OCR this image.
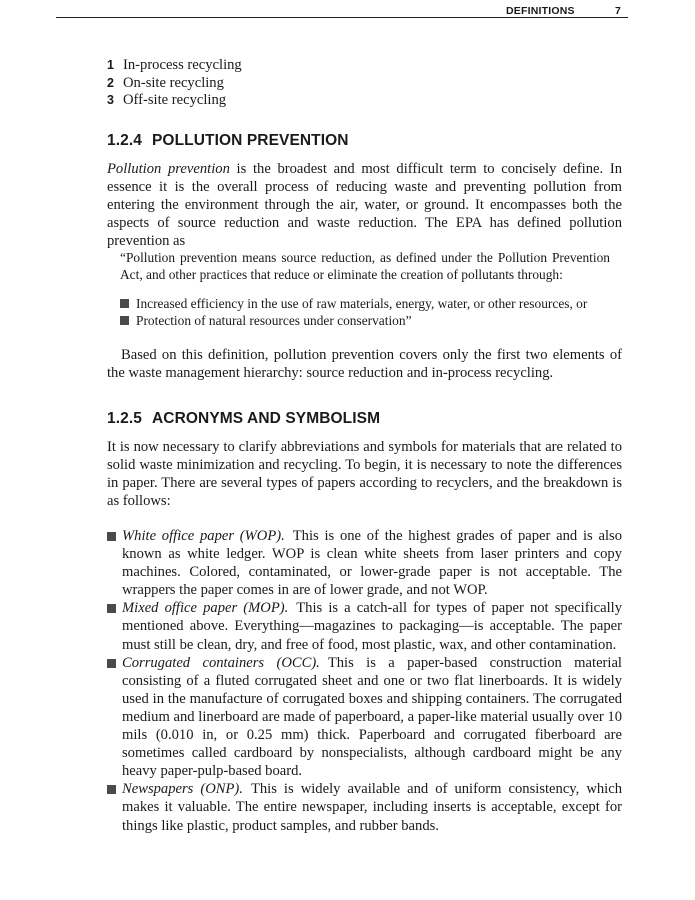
DEFINITIONS	7
1 In-process recycling
2 On-site recycling
3 Off-site recycling
1.2.4 POLLUTION PREVENTION
Pollution prevention is the broadest and most difficult term to concisely define. In essence it is the overall process of reducing waste and preventing pollution from entering the environment through the air, water, or ground. It encompasses both the aspects of source reduction and waste reduction. The EPA has defined pollution prevention as
“Pollution prevention means source reduction, as defined under the Pollution Prevention Act, and other practices that reduce or eliminate the creation of pollutants through:
Increased efficiency in the use of raw materials, energy, water, or other resources, or
Protection of natural resources under conservation”
Based on this definition, pollution prevention covers only the first two elements of the waste management hierarchy: source reduction and in-process recycling.
1.2.5 ACRONYMS AND SYMBOLISM
It is now necessary to clarify abbreviations and symbols for materials that are related to solid waste minimization and recycling. To begin, it is necessary to note the differences in paper. There are several types of papers according to recyclers, and the breakdown is as follows:
White office paper (WOP). This is one of the highest grades of paper and is also known as white ledger. WOP is clean white sheets from laser printers and copy machines. Colored, contaminated, or lower-grade paper is not acceptable. The wrappers the paper comes in are of lower grade, and not WOP.
Mixed office paper (MOP). This is a catch-all for types of paper not specifically mentioned above. Everything—magazines to packaging—is acceptable. The paper must still be clean, dry, and free of food, most plastic, wax, and other contamination.
Corrugated containers (OCC). This is a paper-based construction material consisting of a fluted corrugated sheet and one or two flat linerboards. It is widely used in the manufacture of corrugated boxes and shipping containers. The corrugated medium and linerboard are made of paperboard, a paper-like material usually over 10 mils (0.010 in, or 0.25 mm) thick. Paperboard and corrugated fiberboard are sometimes called cardboard by nonspecialists, although cardboard might be any heavy paper-pulp-based board.
Newspapers (ONP). This is widely available and of uniform consistency, which makes it valuable. The entire newspaper, including inserts is acceptable, except for things like plastic, product samples, and rubber bands.
